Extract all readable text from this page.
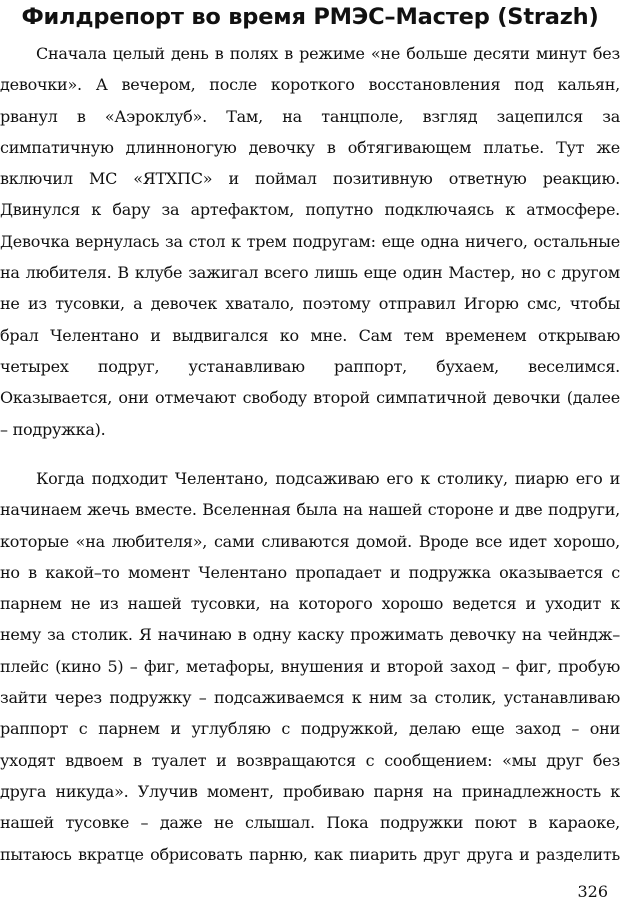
Филдрепорт во время РМЭС–Мастер (Strazh)
Сначала целый день в полях в режиме «не больше десяти минут без
девочки». А вечером, после короткого восстановления под кальян,
рванул в «Аэроклуб». Там, на танцполе, взгляд зацепился за
симпатичную длинноногую девочку в обтягивающем платье. Тут же
включил МС «ЯТХПС» и поймал позитивную ответную реакцию.
Двинулся к бару за артефактом, попутно подключаясь к атмосфере.
Девочка вернулась за стол к трем подругам: еще одна ничего, остальные
на любителя. В клубе зажигал всего лишь еще один Мастер, но с другом
не из тусовки, а девочек хватало, поэтому отправил Игорю смс, чтобы
брал Челентано и выдвигался ко мне. Сам тем временем открываю
четырех подруг, устанавливаю раппорт, бухаем, веселимся.
Оказывается, они отмечают свободу второй симпатичной девочки (далее
– подружка).
Когда подходит Челентано, подсаживаю его к столику, пиарю его и
начинаем жечь вместе. Вселенная была на нашей стороне и две подруги,
которые «на любителя», сами сливаются домой. Вроде все идет хорошо,
но в какой–то момент Челентано пропадает и подружка оказывается с
парнем не из нашей тусовки, на которого хорошо ведется и уходит к
нему за столик. Я начинаю в одну каску прожимать девочку на чейндж–
плейс (кино 5) – фиг, метафоры, внушения и второй заход – фиг, пробую
зайти через подружку – подсаживаемся к ним за столик, устанавливаю
раппорт с парнем и углубляю с подружкой, делаю еще заход – они
уходят вдвоем в туалет и возвращаются с сообщением: «мы друг без
друга никуда». Улучив момент, пробиваю парня на принадлежность к
нашей тусовке – даже не слышал. Пока подружки поют в караоке,
пытаюсь вкратце обрисовать парню, как пиарить друг друга и разделить
326
